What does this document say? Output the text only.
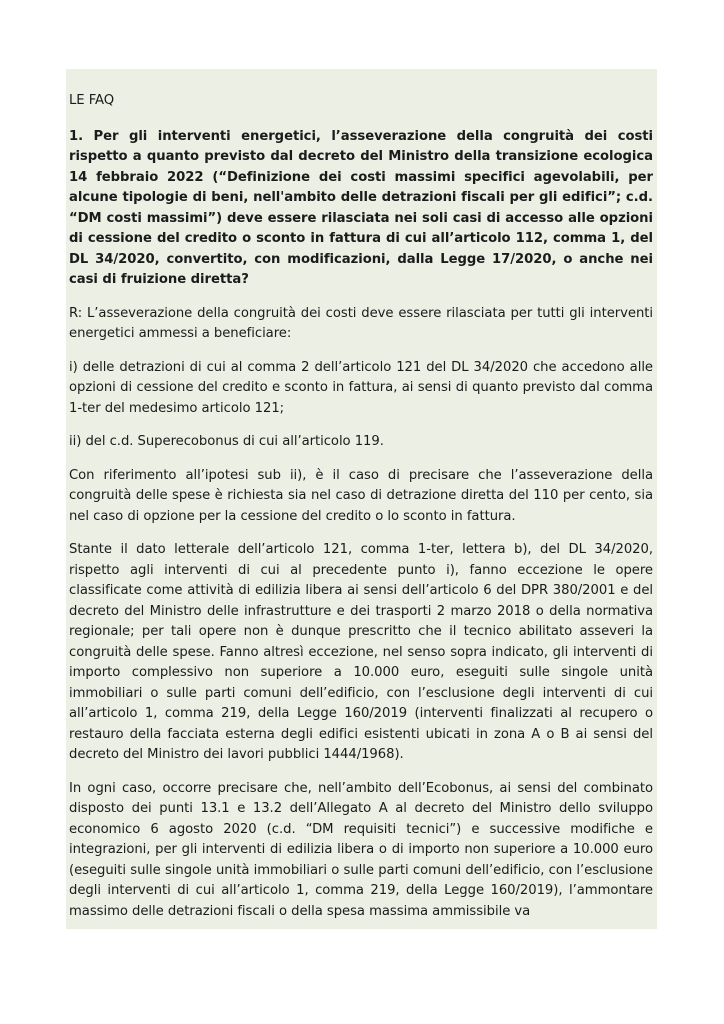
LE FAQ

1. Per gli interventi energetici, l’asseverazione della congruità dei costi rispetto a quanto previsto dal decreto del Ministro della transizione ecologica 14 febbraio 2022 (“Definizione dei costi massimi specifici agevolabili, per alcune tipologie di beni, nell'ambito delle detrazioni fiscali per gli edifici”; c.d. “DM costi massimi”) deve essere rilasciata nei soli casi di accesso alle opzioni di cessione del credito o sconto in fattura di cui all’articolo 112, comma 1, del DL 34/2020, convertito, con modificazioni, dalla Legge 17/2020, o anche nei casi di fruizione diretta?

R: L’asseverazione della congruità dei costi deve essere rilasciata per tutti gli interventi energetici ammessi a beneficiare:

i) delle detrazioni di cui al comma 2 dell’articolo 121 del DL 34/2020 che accedono alle opzioni di cessione del credito e sconto in fattura, ai sensi di quanto previsto dal comma 1-ter del medesimo articolo 121;

ii) del c.d. Superecobonus di cui all’articolo 119.

Con riferimento all’ipotesi sub ii), è il caso di precisare che l’asseverazione della congruità delle spese è richiesta sia nel caso di detrazione diretta del 110 per cento, sia nel caso di opzione per la cessione del credito o lo sconto in fattura.

Stante il dato letterale dell’articolo 121, comma 1-ter, lettera b), del DL 34/2020, rispetto agli interventi di cui al precedente punto i), fanno eccezione le opere classificate come attività di edilizia libera ai sensi dell’articolo 6 del DPR 380/2001 e del decreto del Ministro delle infrastrutture e dei trasporti 2 marzo 2018 o della normativa regionale; per tali opere non è dunque prescritto che il tecnico abilitato asseveri la congruità delle spese. Fanno altresì eccezione, nel senso sopra indicato, gli interventi di importo complessivo non superiore a 10.000 euro, eseguiti sulle singole unità immobiliari o sulle parti comuni dell’edificio, con l’esclusione degli interventi di cui all’articolo 1, comma 219, della Legge 160/2019 (interventi finalizzati al recupero o restauro della facciata esterna degli edifici esistenti ubicati in zona A o B ai sensi del decreto del Ministro dei lavori pubblici 1444/1968).

In ogni caso, occorre precisare che, nell’ambito dell’Ecobonus, ai sensi del combinato disposto dei punti 13.1 e 13.2 dell’Allegato A al decreto del Ministro dello sviluppo economico 6 agosto 2020 (c.d. “DM requisiti tecnici”) e successive modifiche e integrazioni, per gli interventi di edilizia libera o di importo non superiore a 10.000 euro (eseguiti sulle singole unità immobiliari o sulle parti comuni dell’edificio, con l’esclusione degli interventi di cui all’articolo 1, comma 219, della Legge 160/2019), l’ammontare massimo delle detrazioni fiscali o della spesa massima ammissibile va
